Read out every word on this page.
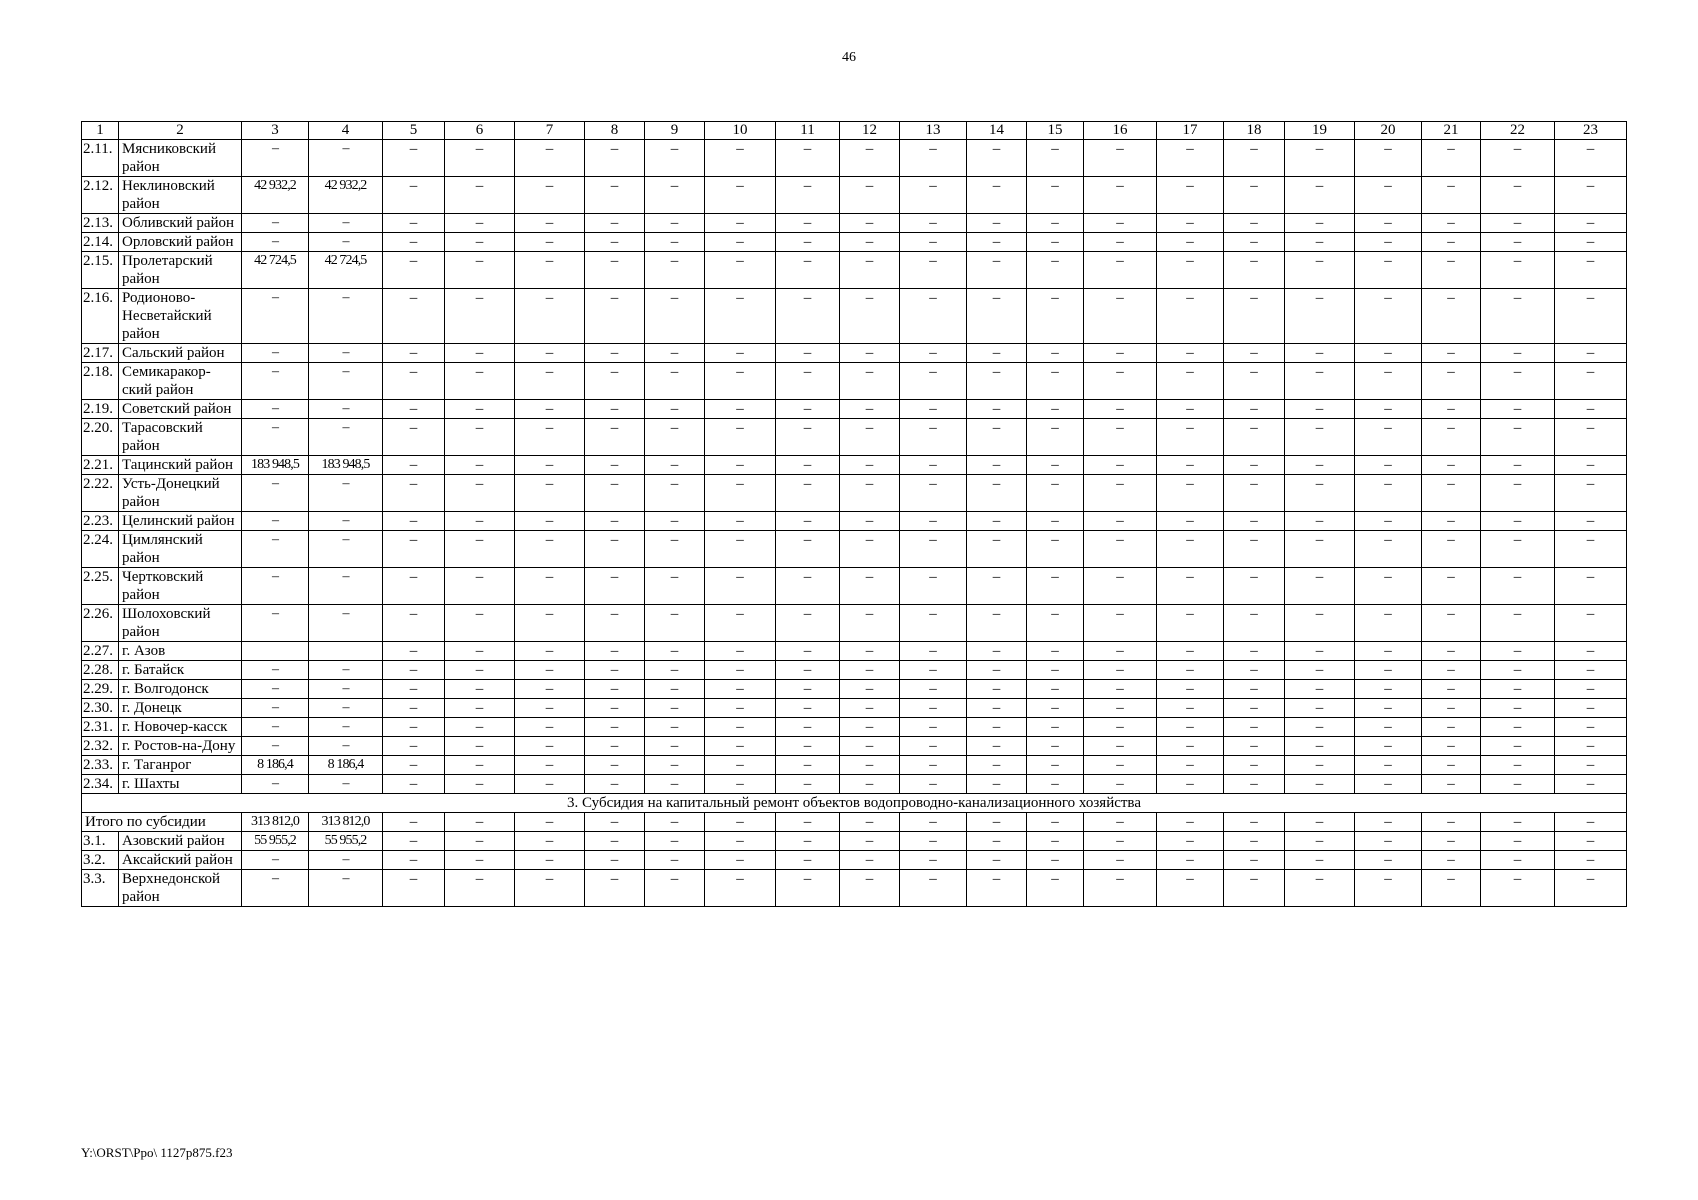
46
1	2	3	4	5	6	7	8	9	10	11	12	13	14	15	16	17	18	19	20	21	22	23
2.11.	Мясниковский район	–	–	–	–	–	–	–	–	–	–	–	–	–	–	–	–	–	–	–	–	–
2.12.	Неклиновский район	42 932,2	42 932,2	–	–	–	–	–	–	–	–	–	–	–	–	–	–	–	–	–	–	–
2.13.	Обливский район	–	–	–	–	–	–	–	–	–	–	–	–	–	–	–	–	–	–	–	–	–
2.14.	Орловский район	–	–	–	–	–	–	–	–	–	–	–	–	–	–	–	–	–	–	–	–	–
2.15.	Пролетарский район	42 724,5	42 724,5	–	–	–	–	–	–	–	–	–	–	–	–	–	–	–	–	–	–	–
2.16.	Родионово-Несветайский район	–	–	–	–	–	–	–	–	–	–	–	–	–	–	–	–	–	–	–	–	–
2.17.	Сальский район	–	–	–	–	–	–	–	–	–	–	–	–	–	–	–	–	–	–	–	–	–
2.18.	Семикаракор-ский район	–	–	–	–	–	–	–	–	–	–	–	–	–	–	–	–	–	–	–	–	–
2.19.	Советский район	–	–	–	–	–	–	–	–	–	–	–	–	–	–	–	–	–	–	–	–	–
2.20.	Тарасовский район	–	–	–	–	–	–	–	–	–	–	–	–	–	–	–	–	–	–	–	–	–
2.21.	Тацинский район	183 948,5	183 948,5	–	–	–	–	–	–	–	–	–	–	–	–	–	–	–	–	–	–	–
2.22.	Усть-Донецкий район	–	–	–	–	–	–	–	–	–	–	–	–	–	–	–	–	–	–	–	–	–
2.23.	Целинский район	–	–	–	–	–	–	–	–	–	–	–	–	–	–	–	–	–	–	–	–	–
2.24.	Цимлянский район	–	–	–	–	–	–	–	–	–	–	–	–	–	–	–	–	–	–	–	–	–
2.25.	Чертковский район	–	–	–	–	–	–	–	–	–	–	–	–	–	–	–	–	–	–	–	–	–
2.26.	Шолоховский район	–	–	–	–	–	–	–	–	–	–	–	–	–	–	–	–	–	–	–	–	–
2.27.	г. Азов			–	–	–	–	–	–	–	–	–	–	–	–	–	–	–	–	–	–	–
2.28.	г. Батайск	–	–	–	–	–	–	–	–	–	–	–	–	–	–	–	–	–	–	–	–	–
2.29.	г. Волгодонск	–	–	–	–	–	–	–	–	–	–	–	–	–	–	–	–	–	–	–	–	–
2.30.	г. Донецк	–	–	–	–	–	–	–	–	–	–	–	–	–	–	–	–	–	–	–	–	–
2.31.	г. Новочер-касск	–	–	–	–	–	–	–	–	–	–	–	–	–	–	–	–	–	–	–	–	–
2.32.	г. Ростов-на-Дону	–	–	–	–	–	–	–	–	–	–	–	–	–	–	–	–	–	–	–	–	–
2.33.	г. Таганрог	8 186,4	8 186,4	–	–	–	–	–	–	–	–	–	–	–	–	–	–	–	–	–	–	–
2.34.	г. Шахты	–	–	–	–	–	–	–	–	–	–	–	–	–	–	–	–	–	–	–	–	–
3. Субсидия на капитальный ремонт объектов водопроводно-канализационного хозяйства																						
Итого по субсидии		313 812,0	313 812,0	–	–	–	–	–	–	–	–	–	–	–	–	–	–	–	–	–	–	–
3.1.	Азовский район	55 955,2	55 955,2	–	–	–	–	–	–	–	–	–	–	–	–	–	–	–	–	–	–	–
3.2.	Аксайский район	–	–	–	–	–	–	–	–	–	–	–	–	–	–	–	–	–	–	–	–	–
3.3.	Верхнедонской район	–	–	–	–	–	–	–	–	–	–	–	–	–	–	–	–	–	–	–	–	–
Y:\ORST\Ppo\ 1127p875.f23
